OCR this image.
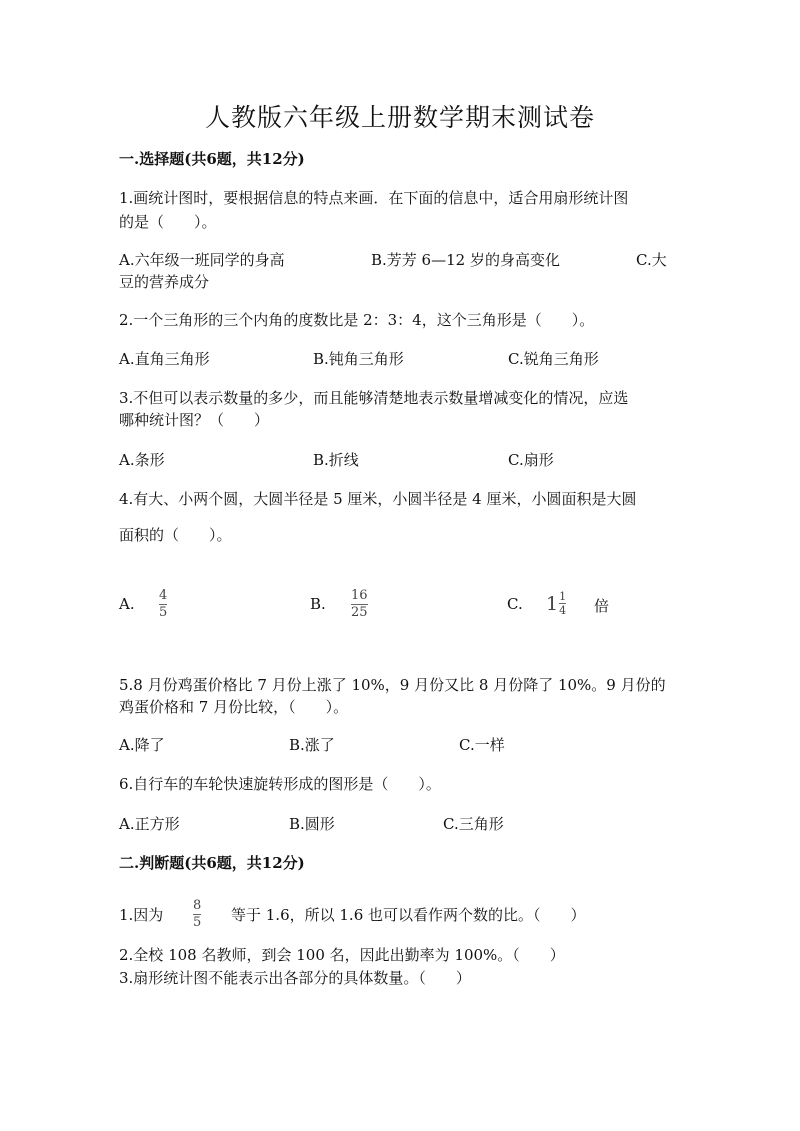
人教版六年级上册数学期末测试卷
一.选择题(共6题，共12分)
1.画统计图时，要根据信息的特点来画．在下面的信息中，适合用扇形统计图
的是（　　）。
A.六年级一班同学的身高	B.芳芳 6—12 岁的身高变化	C.大
豆的营养成分
2.一个三角形的三个内角的度数比是 2：3：4，这个三角形是（　　）。
A.直角三角形	B.钝角三角形	C.锐角三角形
3.不但可以表示数量的多少，而且能够清楚地表示数量增减变化的情况，应选
哪种统计图？（　　）
A.条形	B.折线	C.扇形
4.有大、小两个圆，大圆半径是 5 厘米，小圆半径是 4 厘米，小圆面积是大圆
面积的（　　）。
A. 4
5	B. 16
25	C. $1 \frac{1}{4}$ 倍
5.8 月份鸡蛋价格比 7 月份上涨了 10%，9 月份又比 8 月份降了 10%。9 月份的
鸡蛋价格和 7 月份比较，（　　）。
A.降了	B.涨了	C.一样
6.自行车的车轮快速旋转形成的图形是（　　）。
A.正方形	B.圆形	C.三角形
二.判断题(共6题，共12分)
1.因为
8
5 等于 1.6，所以 1.6 也可以看作两个数的比。（　　）
2.全校 108 名教师，到会 100 名，因此出勤率为 100%。（　　）
3.扇形统计图不能表示出各部分的具体数量。（　　）
